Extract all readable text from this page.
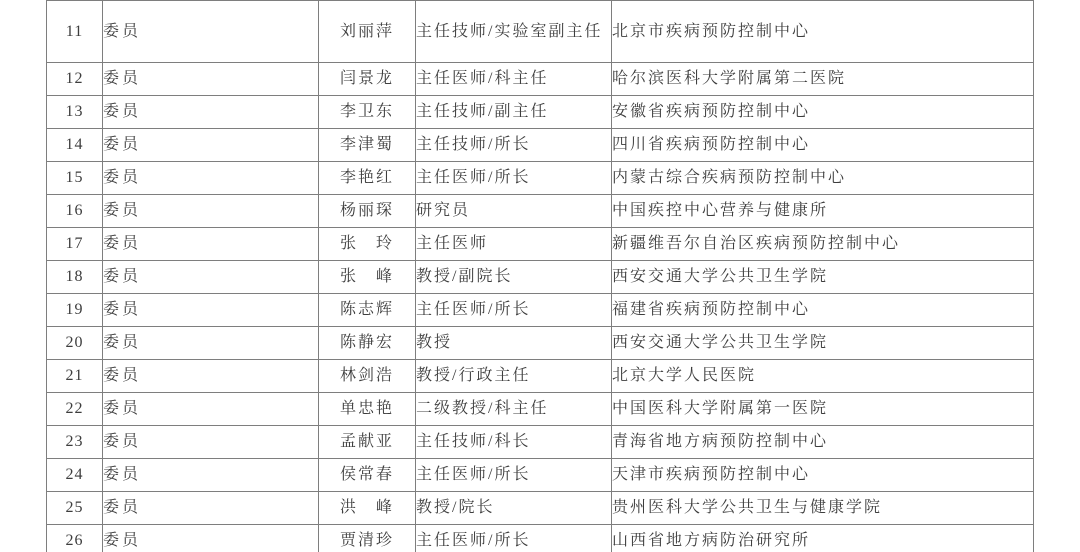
11	委员	刘丽萍	主任技师/实验室副主任	北京市疾病预防控制中心
12	委员	闫景龙	主任医师/科主任	哈尔滨医科大学附属第二医院
13	委员	李卫东	主任技师/副主任	安徽省疾病预防控制中心
14	委员	李津蜀	主任技师/所长	四川省疾病预防控制中心
15	委员	李艳红	主任医师/所长	内蒙古综合疾病预防控制中心
16	委员	杨丽琛	研究员	中国疾控中心营养与健康所
17	委员	张　玲	主任医师	新疆维吾尔自治区疾病预防控制中心
18	委员	张　峰	教授/副院长	西安交通大学公共卫生学院
19	委员	陈志辉	主任医师/所长	福建省疾病预防控制中心
20	委员	陈静宏	教授	西安交通大学公共卫生学院
21	委员	林剑浩	教授/行政主任	北京大学人民医院
22	委员	单忠艳	二级教授/科主任	中国医科大学附属第一医院
23	委员	孟献亚	主任技师/科长	青海省地方病预防控制中心
24	委员	侯常春	主任医师/所长	天津市疾病预防控制中心
25	委员	洪　峰	教授/院长	贵州医科大学公共卫生与健康学院
26	委员	贾清珍	主任医师/所长	山西省地方病防治研究所
